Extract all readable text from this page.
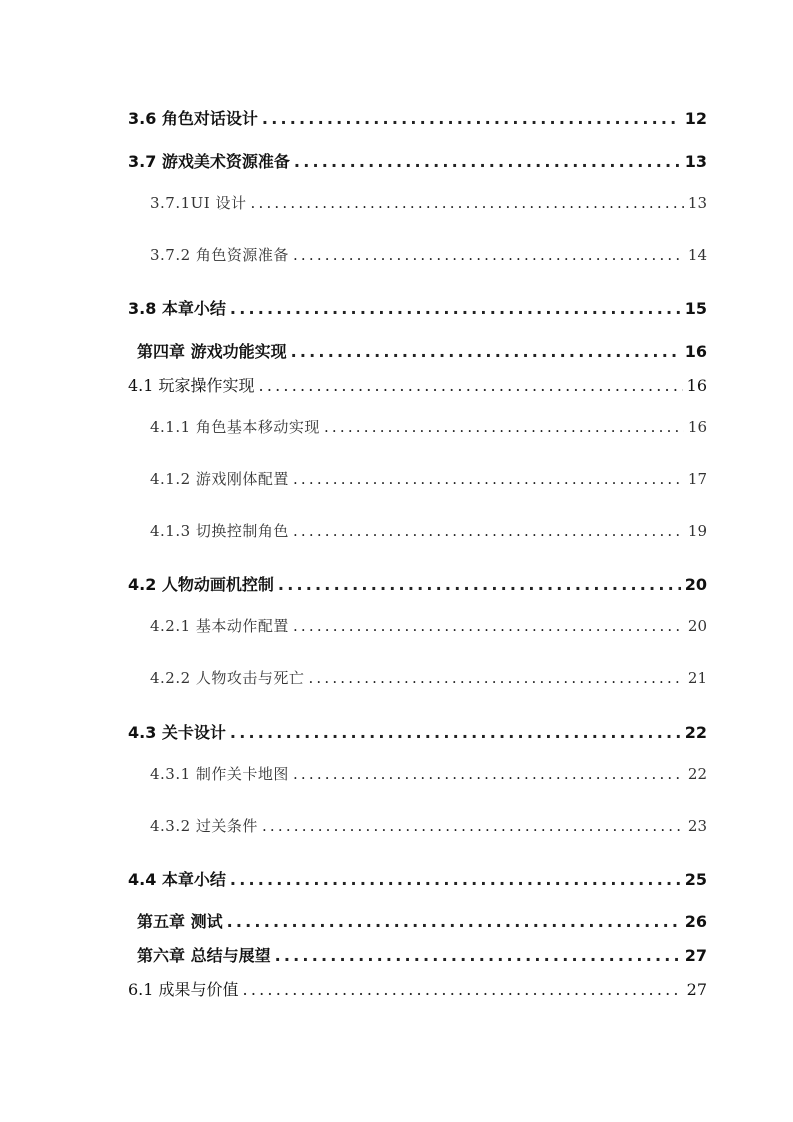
3.6 角色对话设计 .....	12
3.7 游戏美术资源准备 .....	13
3.7.1UI 设计 .....	13
3.7.2 角色资源准备 .....	14
3.8 本章小结 .....	15
第四章 游戏功能实现 .....	16
4.1 玩家操作实现 .....	16
4.1.1 角色基本移动实现 .....	16
4.1.2 游戏刚体配置 .....	17
4.1.3 切换控制角色 .....	19
4.2 人物动画机控制 .....	20
4.2.1 基本动作配置 .....	20
4.2.2 人物攻击与死亡 .....	21
4.3 关卡设计 .....	22
4.3.1 制作关卡地图 .....	22
4.3.2 过关条件 .....	23
4.4 本章小结 .....	25
第五章 测试 .....	26
第六章 总结与展望 .....	27
6.1 成果与价值 .....	27
